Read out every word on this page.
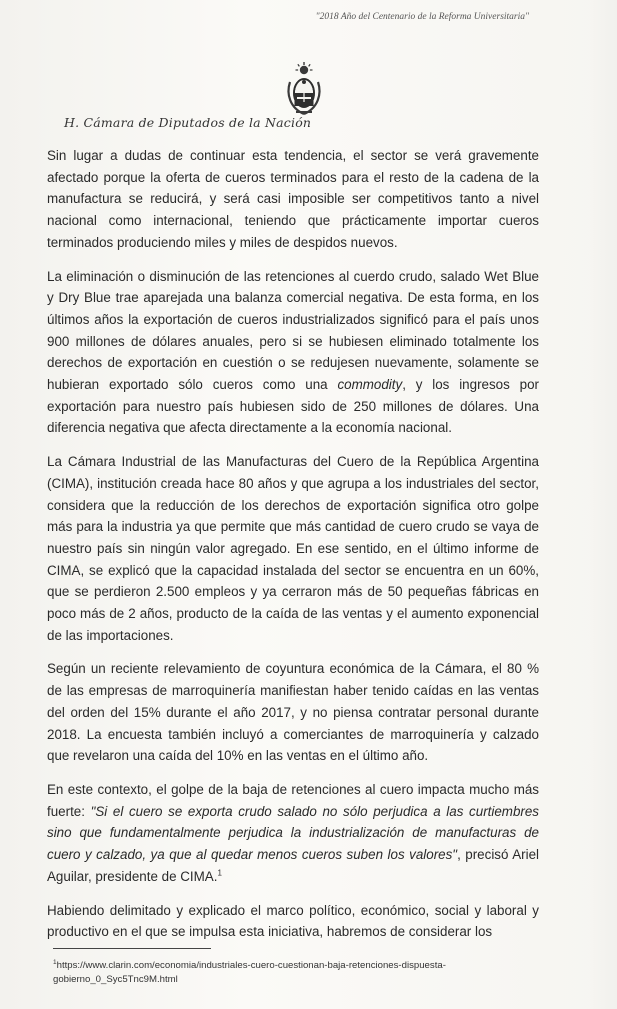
"2018 Año del Centenario de la Reforma Universitaria"
H. Cámara de Diputados de la Nación

Sin lugar a dudas de continuar esta tendencia, el sector se verá gravemente afectado porque la oferta de cueros terminados para el resto de la cadena de la manufactura se reducirá, y será casi imposible ser competitivos tanto a nivel nacional como internacional, teniendo que prácticamente importar cueros terminados produciendo miles y miles de despidos nuevos.

La eliminación o disminución de las retenciones al cuerdo crudo, salado Wet Blue y Dry Blue trae aparejada una balanza comercial negativa. De esta forma, en los últimos años la exportación de cueros industrializados significó para el país unos 900 millones de dólares anuales, pero si se hubiesen eliminado totalmente los derechos de exportación en cuestión o se redujesen nuevamente, solamente se hubieran exportado sólo cueros como una commodity, y los ingresos por exportación para nuestro país hubiesen sido de 250 millones de dólares. Una diferencia negativa que afecta directamente a la economía nacional.

La Cámara Industrial de las Manufacturas del Cuero de la República Argentina (CIMA), institución creada hace 80 años y que agrupa a los industriales del sector, considera que la reducción de los derechos de exportación significa otro golpe más para la industria ya que permite que más cantidad de cuero crudo se vaya de nuestro país sin ningún valor agregado. En ese sentido, en el último informe de CIMA, se explicó que la capacidad instalada del sector se encuentra en un 60%, que se perdieron 2.500 empleos y ya cerraron más de 50 pequeñas fábricas en poco más de 2 años, producto de la caída de las ventas y el aumento exponencial de las importaciones.

Según un reciente relevamiento de coyuntura económica de la Cámara, el 80 % de las empresas de marroquinería manifiestan haber tenido caídas en las ventas del orden del 15% durante el año 2017, y no piensa contratar personal durante 2018. La encuesta también incluyó a comerciantes de marroquinería y calzado que revelaron una caída del 10% en las ventas en el último año.

En este contexto, el golpe de la baja de retenciones al cuero impacta mucho más fuerte: "Si el cuero se exporta crudo salado no sólo perjudica a las curtiembres sino que fundamentalmente perjudica la industrialización de manufacturas de cuero y calzado, ya que al quedar menos cueros suben los valores", precisó Ariel Aguilar, presidente de CIMA.$^1$

Habiendo delimitado y explicado el marco político, económico, social y laboral y productivo en el que se impulsa esta iniciativa, habremos de considerar los

$^1$https://www.clarin.com/economia/industriales-cuero-cuestionan-baja-retenciones-dispuesta-gobierno_0_Syc5Tnc9M.html
